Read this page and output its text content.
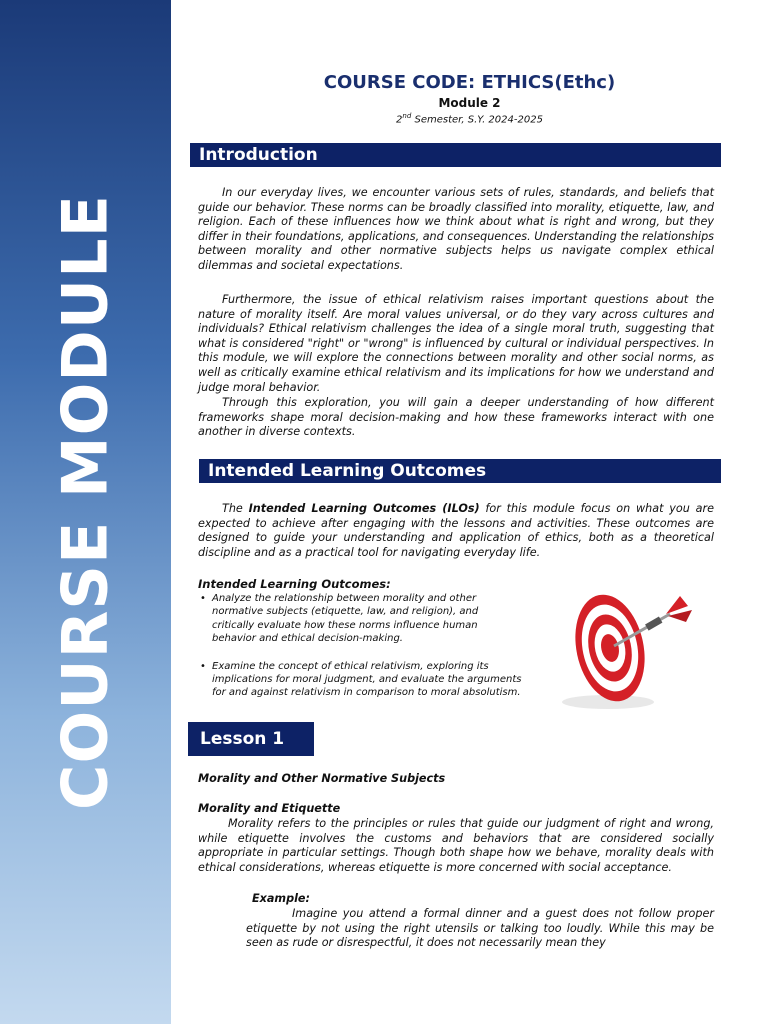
COURSE MODULE
COURSE CODE: ETHICS(Ethc)
Module 2
2nd Semester, S.Y. 2024-2025
Introduction

In our everyday lives, we encounter various sets of rules, standards, and beliefs that guide our behavior. These norms can be broadly classified into morality, etiquette, law, and religion. Each of these influences how we think about what is right and wrong, but they differ in their foundations, applications, and consequences. Understanding the relationships between morality and other normative subjects helps us navigate complex ethical dilemmas and societal expectations.

Furthermore, the issue of ethical relativism raises important questions about the nature of morality itself. Are moral values universal, or do they vary across cultures and individuals? Ethical relativism challenges the idea of a single moral truth, suggesting that what is considered "right" or "wrong" is influenced by cultural or individual perspectives. In this module, we will explore the connections between morality and other social norms, as well as critically examine ethical relativism and its implications for how we understand and judge moral behavior.

Through this exploration, you will gain a deeper understanding of how different frameworks shape moral decision-making and how these frameworks interact with one another in diverse contexts.

Intended Learning Outcomes

The Intended Learning Outcomes (ILOs) for this module focus on what you are expected to achieve after engaging with the lessons and activities. These outcomes are designed to guide your understanding and application of ethics, both as a theoretical discipline and as a practical tool for navigating everyday life.

Intended Learning Outcomes:
• Analyze the relationship between morality and other normative subjects (etiquette, law, and religion), and critically evaluate how these norms influence human behavior and ethical decision-making.
• Examine the concept of ethical relativism, exploring its implications for moral judgment, and evaluate the arguments for and against relativism in comparison to moral absolutism.
Lesson 1
Morality and Other Normative Subjects
Morality and Etiquette

Morality refers to the principles or rules that guide our judgment of right and wrong, while etiquette involves the customs and behaviors that are considered socially appropriate in particular settings. Though both shape how we behave, morality deals with ethical considerations, whereas etiquette is more concerned with social acceptance.

Example:

Imagine you attend a formal dinner and a guest does not follow proper etiquette by not using the right utensils or talking too loudly. While this may be seen as rude or disrespectful, it does not necessarily mean they
